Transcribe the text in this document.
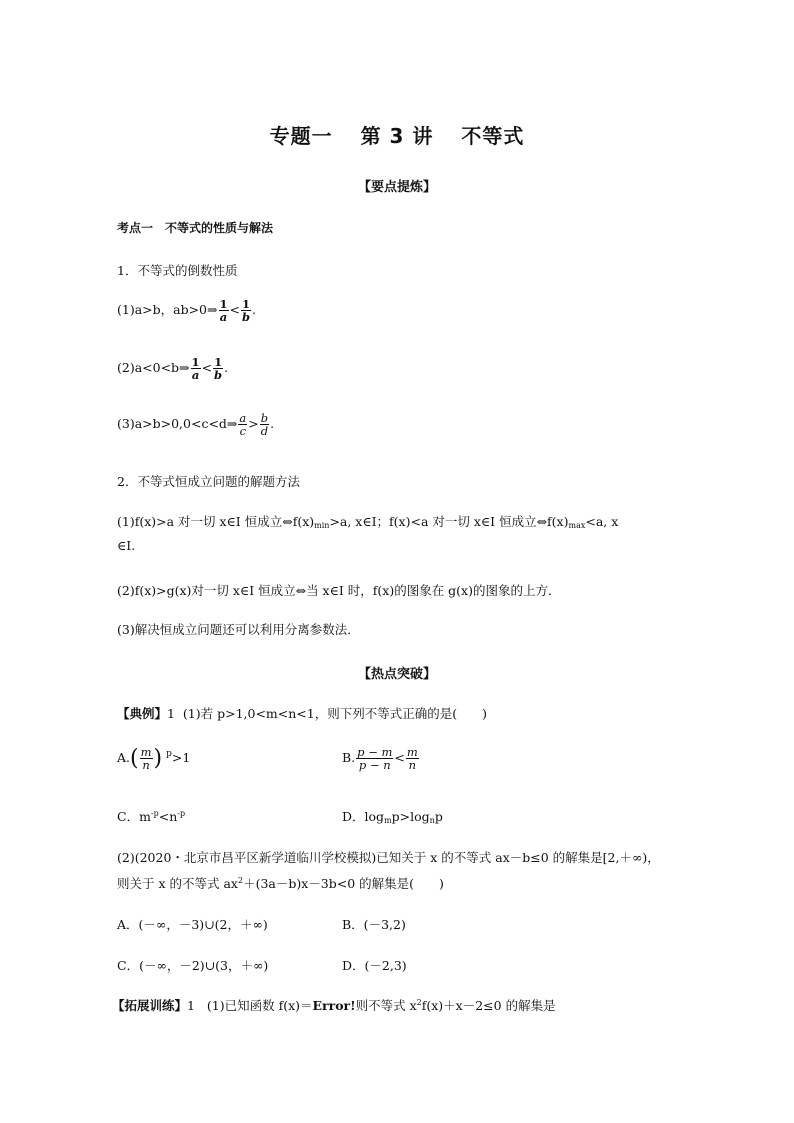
专题一 第 3 讲 不等式
【要点提炼】
考点一　不等式的性质与解法
1．不等式的倒数性质
(1)a>b，ab>0⇒ $\frac{1}{a} < \frac{1}{b}$ .
(2)a<0<b⇒ $\frac{1}{a} < \frac{1}{b}$ .
(3)a>b>0,0<c<d⇒ $\frac{a}{c} > \frac{b}{d}$ .
2．不等式恒成立问题的解题方法
(1)f(x)>a 对一切 x∈I 恒成立$\Leftrightarrow f(x)_{min}>a$, x∈I；f(x)<a 对一切 x∈I 恒成立$\Leftrightarrow f(x)_{max}<a$, x
∈I.
(2)f(x)>g(x)对一切 x∈I 恒成立⇔当 x∈I 时，f(x)的图象在 g(x)的图象的上方．
(3)解决恒成立问题还可以利用分离参数法．
【热点突破】
【典例】1 (1)若 p>1,0<m<n<1，则下列不等式正确的是(　　)
$A.( \frac{m}{n}$ ) $^p$>1	B. $\frac{p - m}{p - n} < \frac{m}{n}$
C．$m^{-p}<n^{-p}$	D．$\log_mp>\log_np$
(2)(2020・北京市昌平区新学道临川学校模拟)已知关于 x 的不等式 ax－b≤0 的解集是[2,＋∞)，
则关于 x 的不等式 $ax^2+(3a-b)x-3b<0$ 的解集是(　　)
A．(－∞，－3)∪(2，＋∞)	B．(－3,2)
C．(－∞，－2)∪(3，＋∞)	D．(－2,3)
【拓展训练】1 (1)已知函数 f(x)＝Error!则不等式 $x^2f(x)+x-2\le 0$ 的解集是
